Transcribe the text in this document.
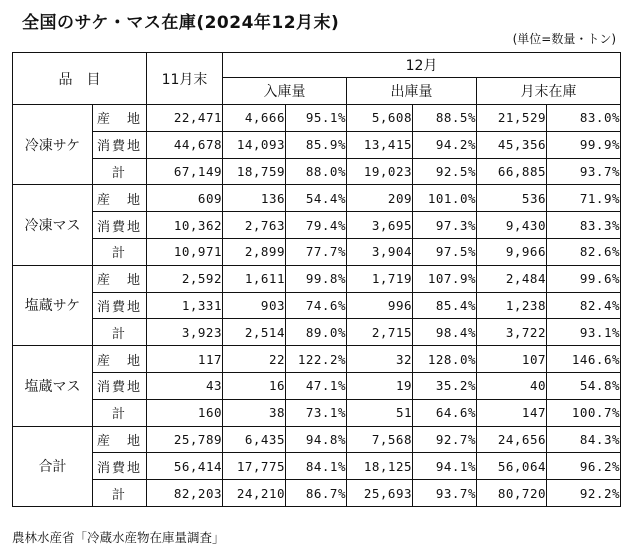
全国のサケ・マス在庫(2024年12月末)
(単位=数量・トン)
品　目		11月末	12月					
			入庫量		出庫量		月末在庫	
冷凍サケ	産　地	22,471	4,666	95.1%	5,608	88.5%	21,529	83.0%
	消費地	44,678	14,093	85.9%	13,415	94.2%	45,356	99.9%
	計	67,149	18,759	88.0%	19,023	92.5%	66,885	93.7%
冷凍マス	産　地	609	136	54.4%	209	101.0%	536	71.9%
	消費地	10,362	2,763	79.4%	3,695	97.3%	9,430	83.3%
	計	10,971	2,899	77.7%	3,904	97.5%	9,966	82.6%
塩蔵サケ	産　地	2,592	1,611	99.8%	1,719	107.9%	2,484	99.6%
	消費地	1,331	903	74.6%	996	85.4%	1,238	82.4%
	計	3,923	2,514	89.0%	2,715	98.4%	3,722	93.1%
塩蔵マス	産　地	117	22	122.2%	32	128.0%	107	146.6%
	消費地	43	16	47.1%	19	35.2%	40	54.8%
	計	160	38	73.1%	51	64.6%	147	100.7%
合計	産　地	25,789	6,435	94.8%	7,568	92.7%	24,656	84.3%
	消費地	56,414	17,775	84.1%	18,125	94.1%	56,064	96.2%
	計	82,203	24,210	86.7%	25,693	93.7%	80,720	92.2%
農林水産省「冷蔵水産物在庫量調査」
